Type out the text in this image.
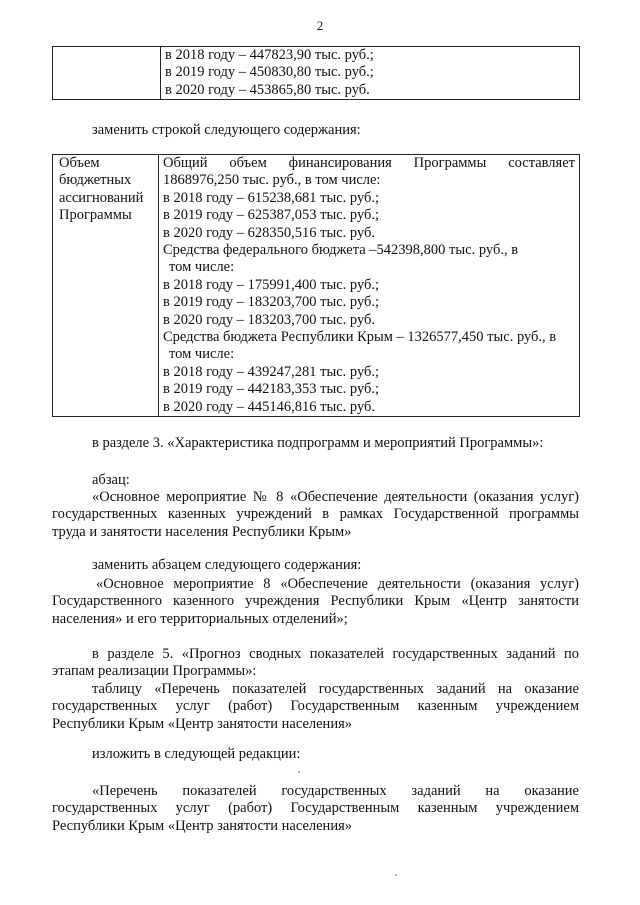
2

в 2018 году – 447823,90 тыс. руб.;
в 2019 году – 450830,80 тыс. руб.;
в 2020 году – 453865,80 тыс. руб.
заменить строкой следующего содержания:
Объем
бюджетных
ассигнований
Программы

Общий объем финансирования Программы составляет
1868976,250 тыс. руб., в том числе:
в 2018 году – 615238,681 тыс. руб.;
в 2019 году – 625387,053 тыс. руб.;
в 2020 году – 628350,516 тыс. руб.
Средства федерального бюджета –542398,800 тыс. руб., в
том числе:
в 2018 году – 175991,400 тыс. руб.;
в 2019 году – 183203,700 тыс. руб.;
в 2020 году – 183203,700 тыс. руб.
Средства бюджета Республики Крым – 1326577,450 тыс. руб., в
том числе:
в 2018 году – 439247,281 тыс. руб.;
в 2019 году – 442183,353 тыс. руб.;
в 2020 году – 445146,816 тыс. руб.
в разделе 3. «Характеристика подпрограмм и мероприятий Программы»:
абзац:
«Основное мероприятие № 8 «Обеспечение деятельности (оказания услуг)
государственных казенных учреждений в рамках Государственной программы
труда и занятости населения Республики Крым»
заменить абзацем следующего содержания:
«Основное мероприятие 8 «Обеспечение деятельности (оказания услуг)
Государственного казенного учреждения Республики Крым «Центр занятости
населения» и его территориальных отделений»;
в разделе 5. «Прогноз сводных показателей государственных заданий по
этапам реализации Программы»:
таблицу «Перечень показателей государственных заданий на оказание
государственных услуг (работ) Государственным казенным учреждением
Республики Крым «Центр занятости населения»
изложить в следующей редакции:
«Перечень показателей государственных заданий на оказание
государственных услуг (работ) Государственным казенным учреждением
Республики Крым «Центр занятости населения»
